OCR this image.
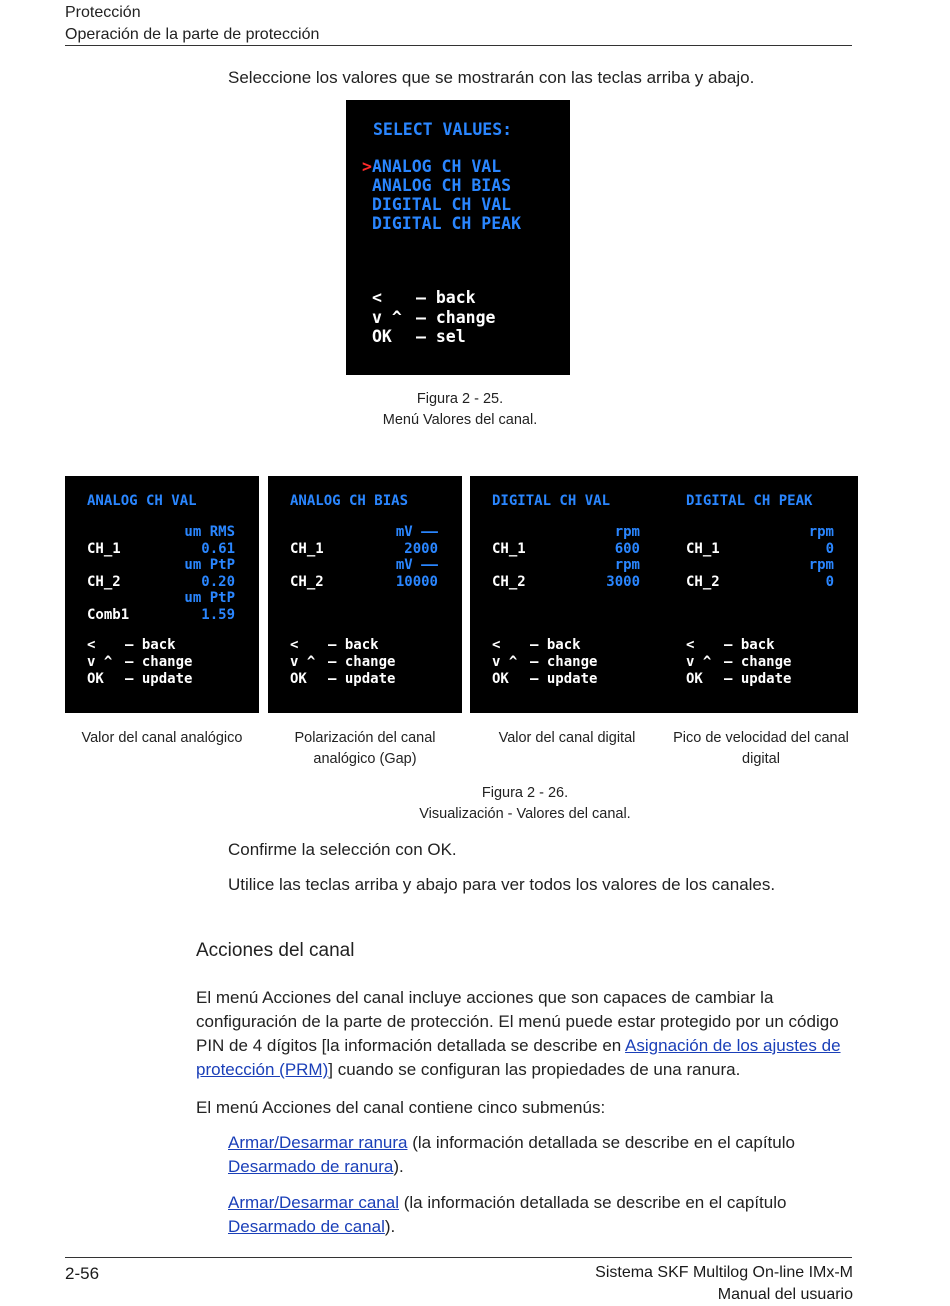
Protección
Operación de la parte de protección
Seleccione los valores que se mostrarán con las teclas arriba y abajo.
SELECT VALUES:
> ANALOG CH VAL
ANALOG CH BIAS
DIGITAL CH VAL
DIGITAL CH PEAK
< – back
v ^ – change
OK – sel
Figura 2 - 25.
Menú Valores del canal.
ANALOG CH VAL
um RMS
CH_1	0.61
um PtP
CH_2	0.20
um PtP
Comb1	1.59
< – back
v ^ – change
OK – update
Valor del canal analógico
ANALOG CH BIAS
mV ——
CH_1	2000
mV ——
CH_2	10000
< – back
v ^ – change
OK – update
Polarización del canal analógico (Gap)
DIGITAL CH VAL
rpm
CH_1	600
rpm
CH_2	3000
< – back
v ^ – change
OK – update
Valor del canal digital
DIGITAL CH PEAK
rpm
CH_1	0
rpm
CH_2	0
< – back
v ^ – change
OK – update
Pico de velocidad del canal digital
Figura 2 - 26.
Visualización - Valores del canal.
Confirme la selección con OK.
Utilice las teclas arriba y abajo para ver todos los valores de los canales.
Acciones del canal
El menú Acciones del canal incluye acciones que son capaces de cambiar la configuración de la parte de protección. El menú puede estar protegido por un código PIN de 4 dígitos [la información detallada se describe en Asignación de los ajustes de protección (PRM)] cuando se configuran las propiedades de una ranura.
El menú Acciones del canal contiene cinco submenús:
Armar/Desarmar ranura (la información detallada se describe en el capítulo Desarmado de ranura).
Armar/Desarmar canal (la información detallada se describe en el capítulo Desarmado de canal).
2-56	Sistema SKF Multilog On-line IMx-M
Manual del usuario
